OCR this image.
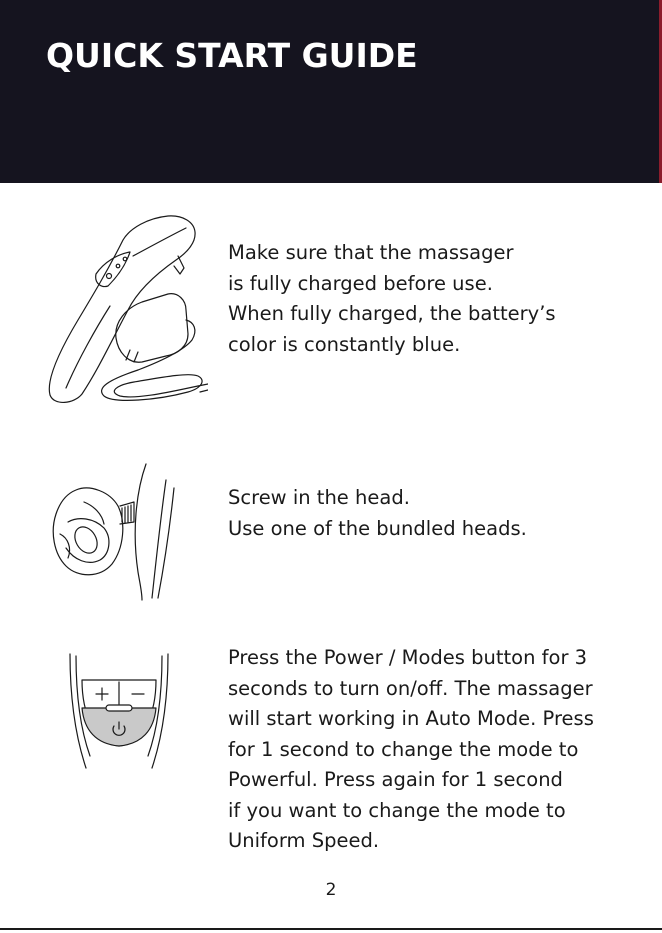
QUICK START GUIDE

Make sure that the massager
is fully charged before use.
When fully charged, the battery’s
color is constantly blue.

Screw in the head.
Use one of the bundled heads.

Press the Power / Modes button for 3
seconds to turn on/off. The massager
will start working in Auto Mode. Press
for 1 second to change the mode to
Powerful. Press again for 1 second
if you want to change the mode to
Uniform Speed.

2
